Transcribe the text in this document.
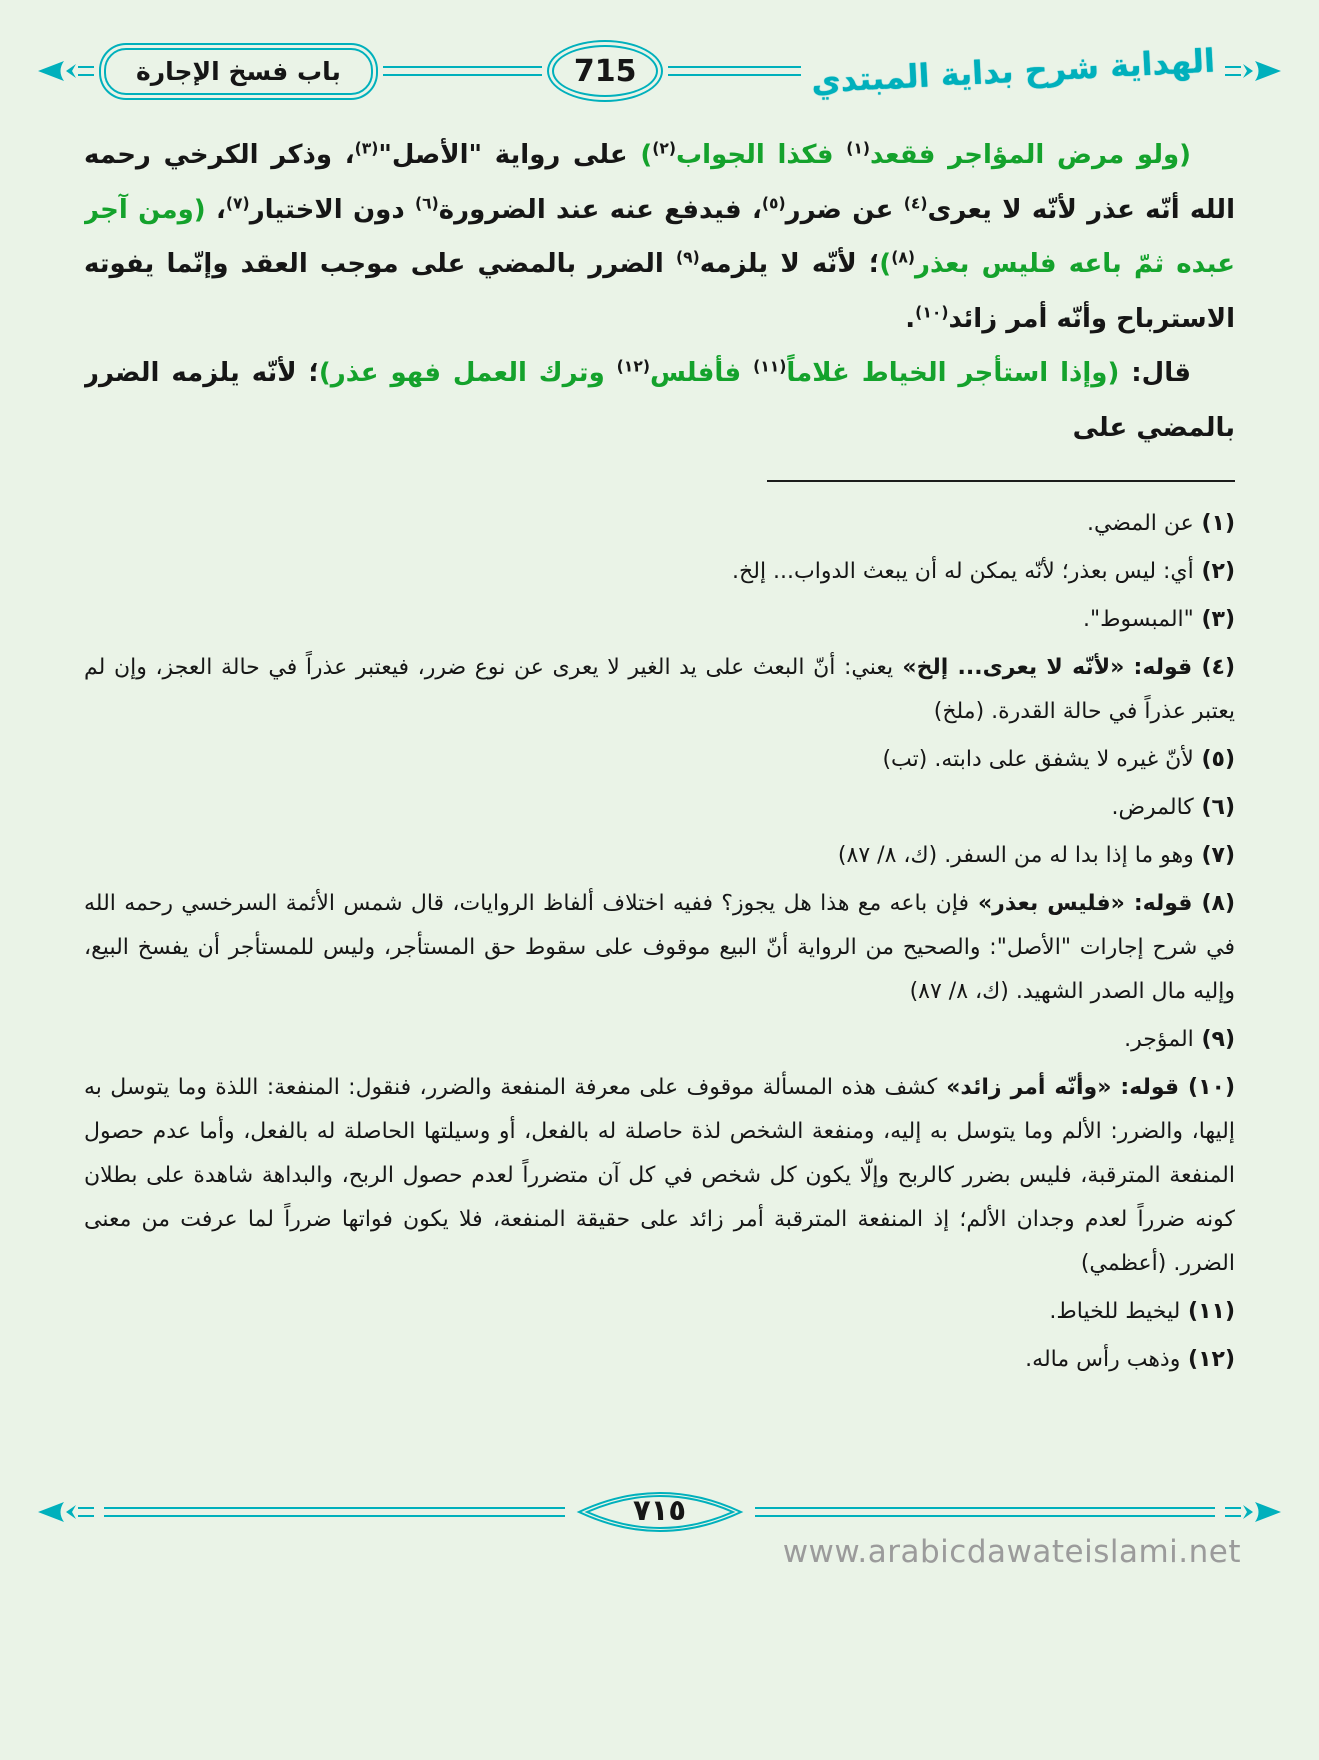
باب فسخ الإجارة	715	الهداية شرح بداية المبتدي

(ولو مرض المؤاجر فقعد$^{(١)}$ فكذا الجواب$^{(٢)}$) على رواية "الأصل"$^{(٣)}$، وذكر الكرخي رحمه الله أنّه عذر لأنّه لا يعرى$^{(٤)}$ عن ضرر$^{(٥)}$، فيدفع عنه عند الضرورة$^{(٦)}$ دون الاختيار$^{(٧)}$، (ومن آجر عبده ثمّ باعه فليس بعذر$^{(٨)}$)؛ لأنّه لا يلزمه$^{(٩)}$ الضرر بالمضي على موجب العقد وإنّما يفوته الاسترباح وأنّه أمر زائد$^{(١٠)}$.

قال: (وإذا استأجر الخياط غلاماً$^{(١١)}$ فأفلس$^{(١٢)}$ وترك العمل فهو عذر)؛ لأنّه يلزمه الضرر بالمضي على

(١) عن المضي.

(٢) أي: ليس بعذر؛ لأنّه يمكن له أن يبعث الدواب... إلخ.

(٣) "المبسوط".

(٤) قوله: «لأنّه لا يعرى... إلخ» يعني: أنّ البعث على يد الغير لا يعرى عن نوع ضرر، فيعتبر عذراً في حالة العجز، وإن لم يعتبر عذراً في حالة القدرة. (ملخ)

(٥) لأنّ غيره لا يشفق على دابته. (تب)

(٦) كالمرض.

(٧) وهو ما إذا بدا له من السفر. (ك، ٨/ ٨٧)

(٨) قوله: «فليس بعذر» فإن باعه مع هذا هل يجوز؟ ففيه اختلاف ألفاظ الروايات، قال شمس الأئمة السرخسي رحمه الله في شرح إجارات "الأصل": والصحيح من الرواية أنّ البيع موقوف على سقوط حق المستأجر، وليس للمستأجر أن يفسخ البيع، وإليه مال الصدر الشهيد. (ك، ٨/ ٨٧)

(٩) المؤجر.

(١٠) قوله: «وأنّه أمر زائد» كشف هذه المسألة موقوف على معرفة المنفعة والضرر، فنقول: المنفعة: اللذة وما يتوسل به إليها، والضرر: الألم وما يتوسل به إليه، ومنفعة الشخص لذة حاصلة له بالفعل، أو وسيلتها الحاصلة له بالفعل، وأما عدم حصول المنفعة المترقبة، فليس بضرر كالربح وإلّا يكون كل شخص في كل آن متضرراً لعدم حصول الربح، والبداهة شاهدة على بطلان كونه ضرراً لعدم وجدان الألم؛ إذ المنفعة المترقبة أمر زائد على حقيقة المنفعة، فلا يكون فواتها ضرراً لما عرفت من معنى الضرر. (أعظمي)

(١١) ليخيط للخياط.

(١٢) وذهب رأس ماله.

٧١٥
www.arabicdawateislami.net
